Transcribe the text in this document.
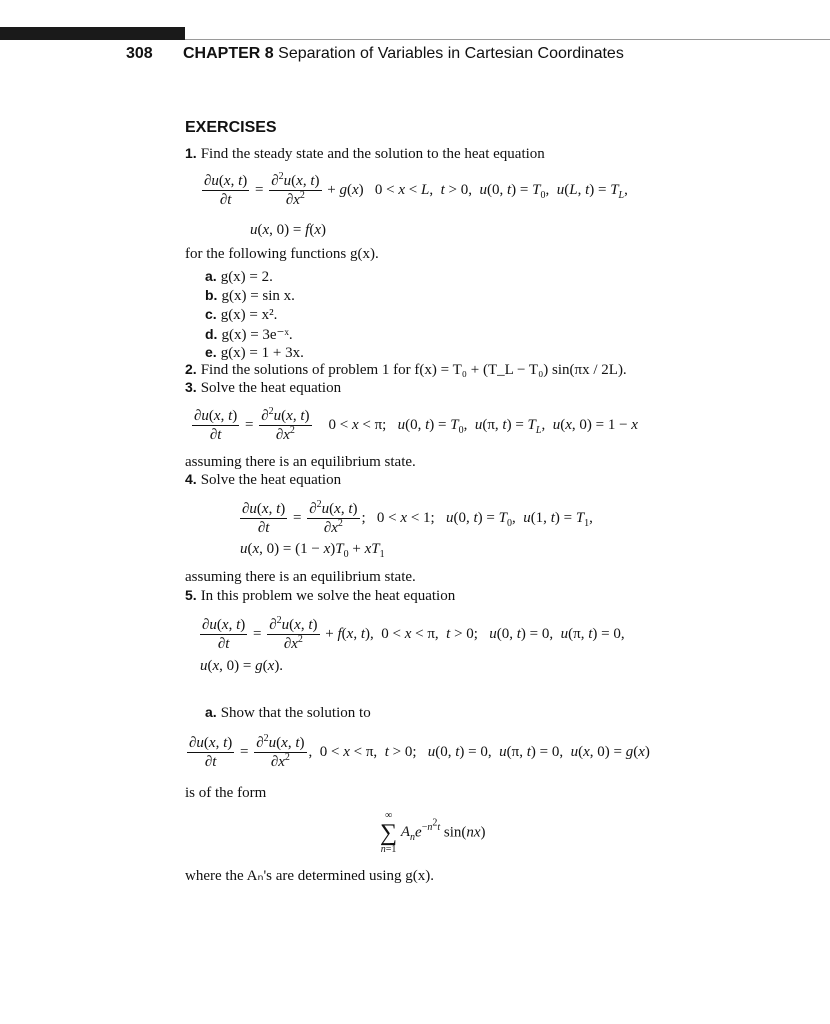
308 CHAPTER 8 Separation of Variables in Cartesian Coordinates
EXERCISES
1. Find the steady state and the solution to the heat equation
$\frac{\partial u(x, t)}{\partial t} = \frac{\partial^2u(x, t)}{\partial x^2} + g(x) 0 < x < L$,  t > 0,  u(0, $t) = T_0$,  u(L, $t) = T_L$,
u(x, 0) = f(x)
for the following functions g(x).
a. g(x) = 2.
b. g(x) = sin x.
c. g(x) = x².
d. g(x) = 3e⁻ˣ.
e. g(x) = 1 + 3x.
2. Find the solutions of problem 1 for f(x) = T₀ + (T_L − T₀) sin(πx / 2L).
3. Solve the heat equation
$\frac{\partial u(x, t)}{\partial t} = \frac{\partial^2u(x, t)}{\partial x^2} 0 < x < \pi$;   u(0, $t) = T_0$,  u(π, $t) = T_L$,  u(x, 0) = 1 − x
assuming there is an equilibrium state.
4. Solve the heat equation
$\frac{\partial u(x, t)}{\partial t} = \frac{\partial^2u(x, t)}{\partial x^2}$ ;   0 < x < 1;   u(0, $t) = T_0$,  u(1, $t) = T_1$,
u(x, $0) = (1 - x)T_0 + xT_1$
assuming there is an equilibrium state.
5. In this problem we solve the heat equation
$\frac{\partial u(x, t)}{\partial t} = \frac{\partial^2u(x, t)}{\partial x^2} + f(x$, t),  0 < x < π,  t > 0;   u(0, t) = 0,  u(π, t) = 0,
u(x, 0) = g(x).
a. Show that the solution to
$\frac{\partial u(x, t)}{\partial t} = \frac{\partial^2u(x, t)}{\partial x^2}$ ,  0 < x < π,  t > 0;   u(0, t) = 0,  u(π, t) = 0,  u(x, 0) = g(x)
is of the form
∞
∑
n=1
$A_ne^{-n^2t}$ sin(nx)
where the Aₙ's are determined using g(x).
